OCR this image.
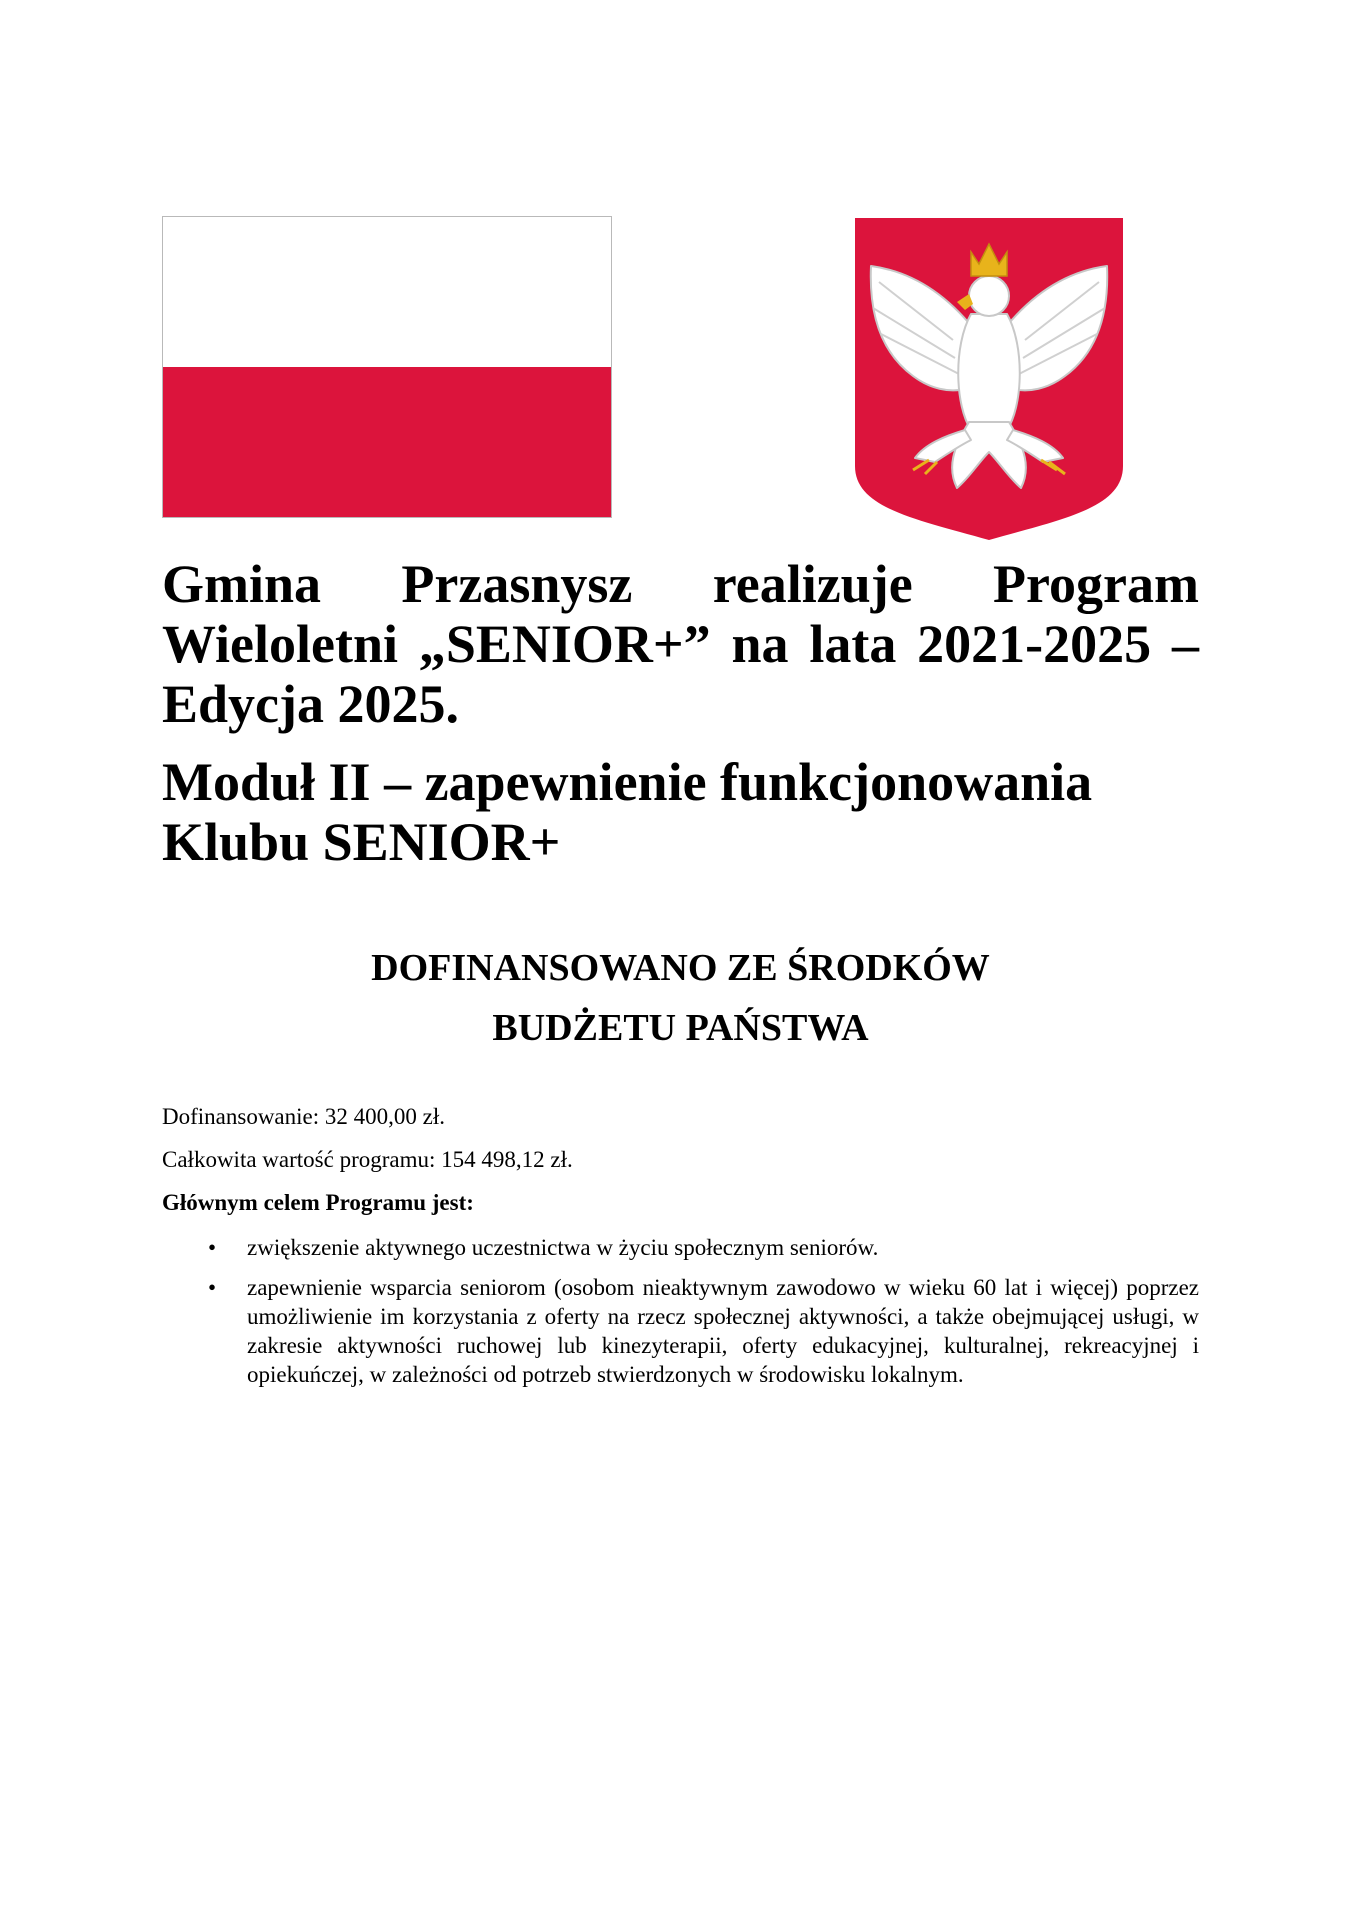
Gmina Przasnysz realizuje Program Wieloletni „SENIOR+” na lata 2021-2025 – Edycja 2025.
Moduł II – zapewnienie funkcjonowania Klubu SENIOR+
DOFINANSOWANO ZE ŚRODKÓW
BUDŻETU PAŃSTWA

Dofinansowanie: 32 400,00 zł.

Całkowita wartość programu: 154 498,12 zł.

Głównym celem Programu jest:

• zwiększenie aktywnego uczestnictwa w życiu społecznym seniorów.
• zapewnienie wsparcia seniorom (osobom nieaktywnym zawodowo w wieku 60 lat i więcej) poprzez umożliwienie im korzystania z oferty na rzecz społecznej aktywności, a także obejmującej usługi, w zakresie aktywności ruchowej lub kinezyterapii, oferty edukacyjnej, kulturalnej, rekreacyjnej i opiekuńczej, w zależności od potrzeb stwierdzonych w środowisku lokalnym.
